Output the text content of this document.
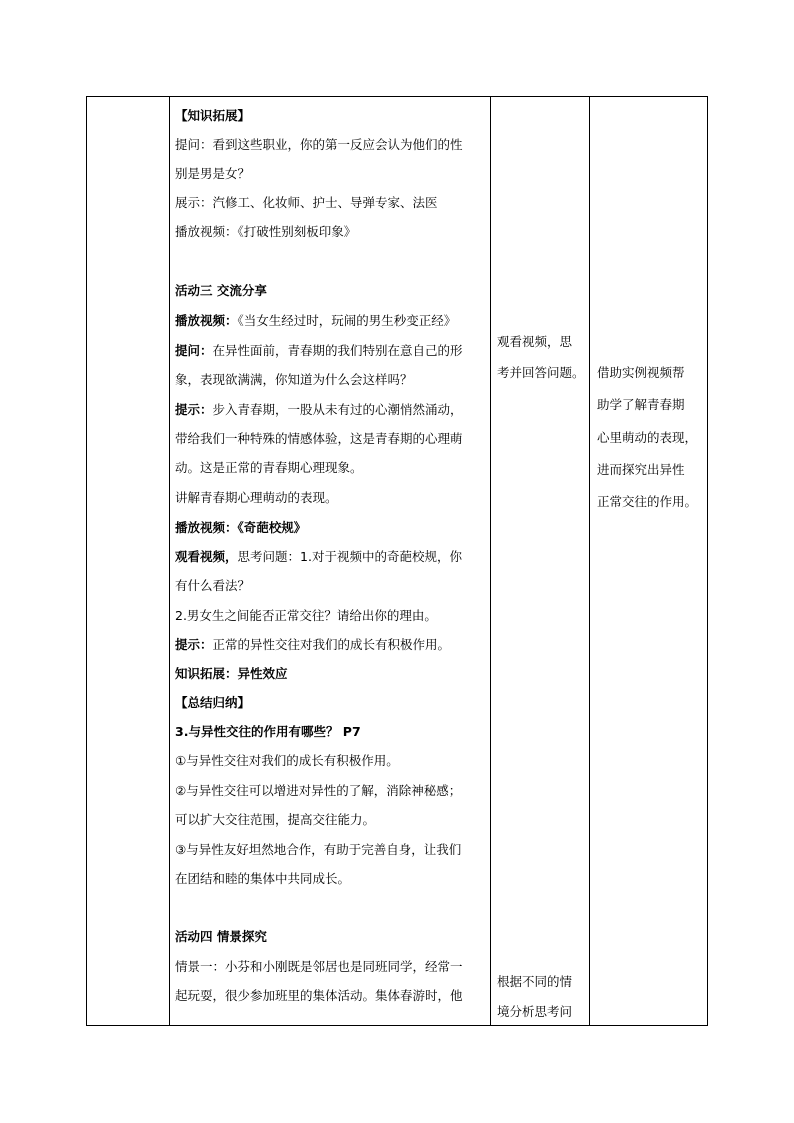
【知识拓展】
提问：看到这些职业，你的第一反应会认为他们的性
别是男是女？
展示：汽修工、化妆师、护士、导弹专家、法医
播放视频：《打破性别刻板印象》
活动三 交流分享
播放视频：《当女生经过时，玩闹的男生秒变正经》
提问：在异性面前，青春期的我们特别在意自己的形
象，表现欲满满，你知道为什么会这样吗？
提示：步入青春期，一股从未有过的心潮悄然涌动，
带给我们一种特殊的情感体验，这是青春期的心理萌
动。这是正常的青春期心理现象。
讲解青春期心理萌动的表现。
播放视频：《奇葩校规》
观看视频，思考问题：1.对于视频中的奇葩校规，你
有什么看法？
2.男女生之间能否正常交往？请给出你的理由。
提示：正常的异性交往对我们的成长有积极作用。
知识拓展：异性效应
【总结归纳】
3.与异性交往的作用有哪些？ P7
①与异性交往对我们的成长有积极作用。
②与异性交往可以增进对异性的了解，消除神秘感；
可以扩大交往范围，提高交往能力。
③与异性友好坦然地合作，有助于完善自身，让我们
在团结和睦的集体中共同成长。
活动四 情景探究
情景一：小芬和小刚既是邻居也是同班同学，经常一
起玩耍，很少参加班里的集体活动。集体春游时，他
观看视频，思
考并回答问题。
根据不同的情
境分析思考问
借助实例视频帮
助学了解青春期
心里萌动的表现，
进而探究出异性
正常交往的作用。
